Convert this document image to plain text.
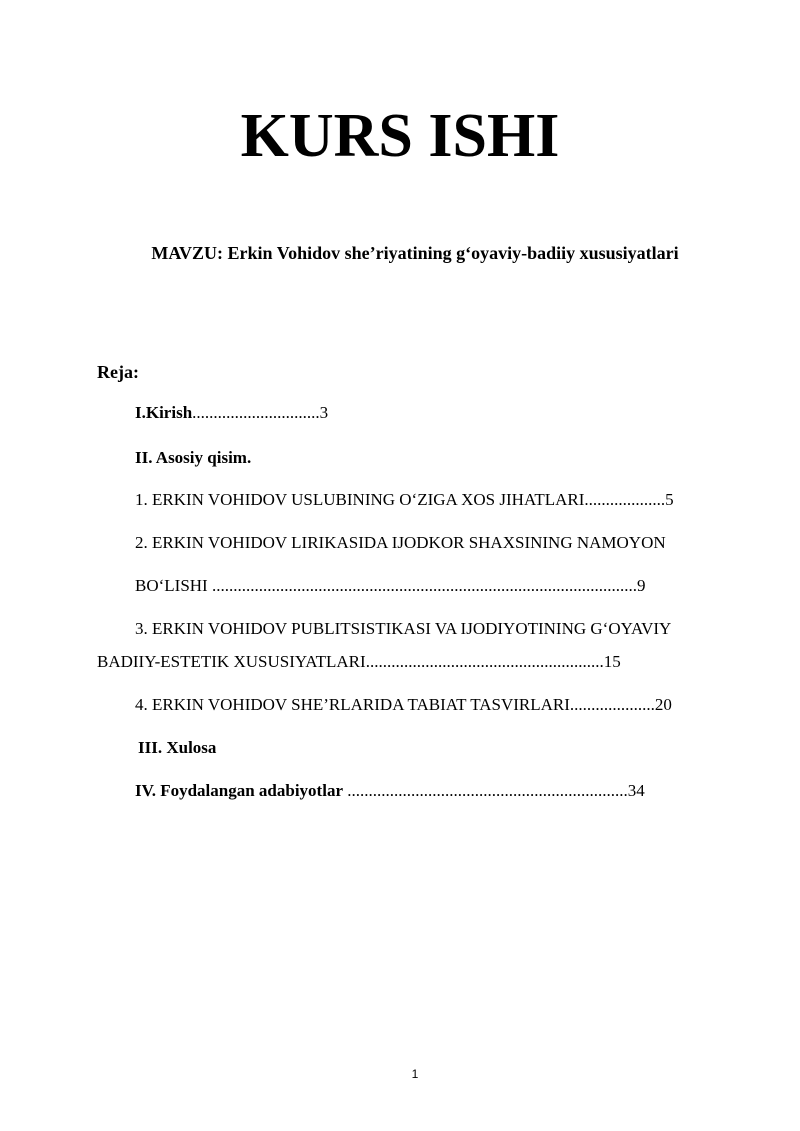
KURS ISHI
MAVZU: Erkin Vohidov she’riyatining g‘oyaviy-badiiy xususiyatlari
Reja:
I.Kirish..............................3
II. Asosiy qisim.
1. ERKIN VOHIDOV USLUBINING O‘ZIGA XOS JIHATLARI...................5
2. ERKIN VOHIDOV LIRIKASIDA IJODKOR SHAXSINING NAMOYON
BO‘LISHI ....................................................................................................9
3. ERKIN VOHIDOV PUBLITSISTIKASI VA IJODIYOTINING G‘OYAVIY
BADIIY-ESTETIK XUSUSIYATLARI........................................................15
4. ERKIN VOHIDOV SHE’RLARIDA TABIAT TASVIRLARI....................20
III. Xulosa
IV. Foydalangan adabiyotlar ..................................................................34
1
